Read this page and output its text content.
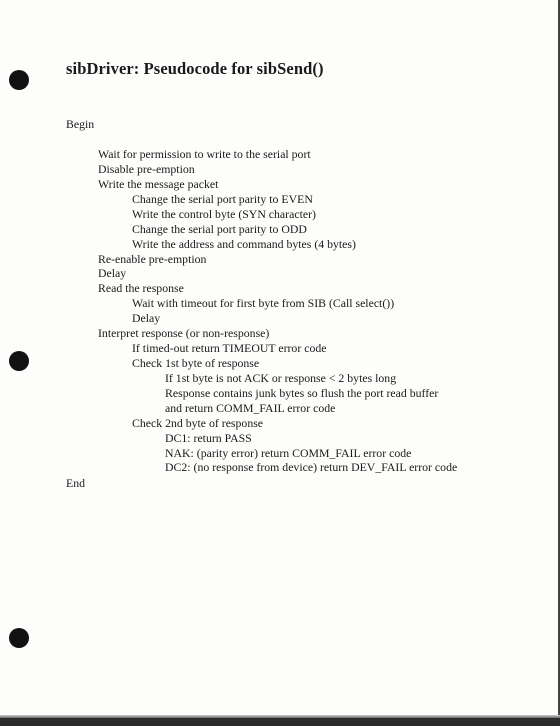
sibDriver: Pseudocode for sibSend()
Begin
Wait for permission to write to the serial port
Disable pre-emption
Write the message packet
Change the serial port parity to EVEN
Write the control byte (SYN character)
Change the serial port parity to ODD
Write the address and command bytes (4 bytes)
Re-enable pre-emption
Delay
Read the response
Wait with timeout for first byte from SIB (Call select())
Delay
Interpret response (or non-response)
If timed-out return TIMEOUT error code
Check 1st byte of response
If 1st byte is not ACK or response < 2 bytes long
Response contains junk bytes so flush the port read buffer
and return COMM_FAIL error code
Check 2nd byte of response
DC1: return PASS
NAK: (parity error) return COMM_FAIL error code
DC2: (no response from device) return DEV_FAIL error code
End
